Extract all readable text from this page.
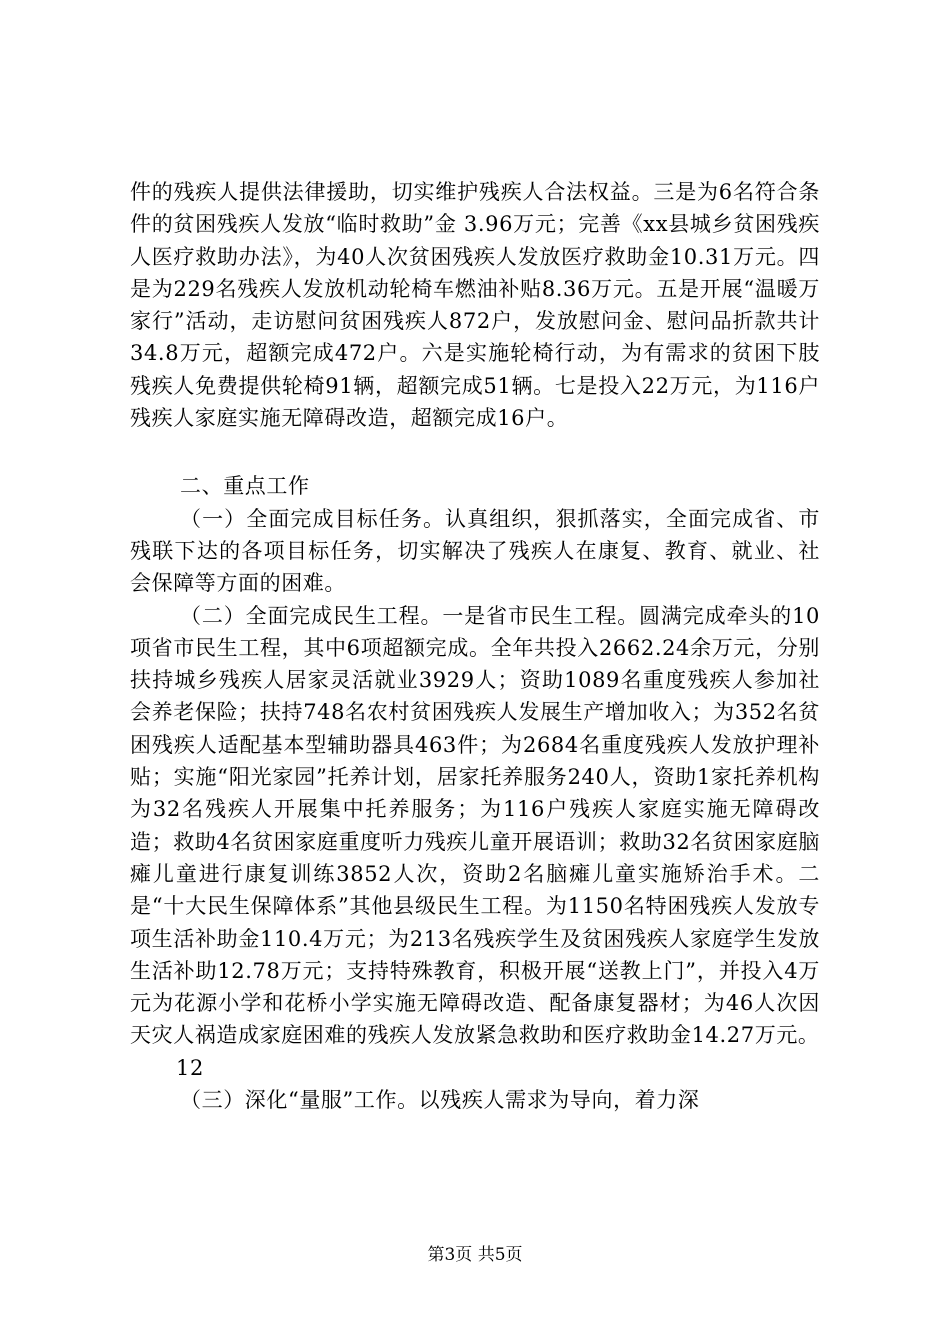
件的残疾人提供法律援助，切实维护残疾人合法权益。三是为6名符合条件的贫困残疾人发放“临时救助”金 3.96万元；完善《xx县城乡贫困残疾人医疗救助办法》，为40人次贫困残疾人发放医疗救助金10.31万元。四是为229名残疾人发放机动轮椅车燃油补贴8.36万元。五是开展“温暖万家行”活动，走访慰问贫困残疾人872户，发放慰问金、慰问品折款共计34.8万元，超额完成472户。六是实施轮椅行动，为有需求的贫困下肢残疾人免费提供轮椅91辆，超额完成51辆。七是投入22万元，为116户残疾人家庭实施无障碍改造，超额完成16户。

二、重点工作

（一）全面完成目标任务。认真组织，狠抓落实，全面完成省、市残联下达的各项目标任务，切实解决了残疾人在康复、教育、就业、社会保障等方面的困难。

（二）全面完成民生工程。一是省市民生工程。圆满完成牵头的10项省市民生工程，其中6项超额完成。全年共投入2662.24余万元，分别扶持城乡残疾人居家灵活就业3929人；资助1089名重度残疾人参加社会养老保险；扶持748名农村贫困残疾人发展生产增加收入；为352名贫困残疾人适配基本型辅助器具463件；为2684名重度残疾人发放护理补贴；实施“阳光家园”托养计划，居家托养服务240人，资助1家托养机构为32名残疾人开展集中托养服务；为116户残疾人家庭实施无障碍改造；救助4名贫困家庭重度听力残疾儿童开展语训；救助32名贫困家庭脑瘫儿童进行康复训练3852人次，资助2名脑瘫儿童实施矫治手术。二是“十大民生保障体系”其他县级民生工程。为1150名特困残疾人发放专项生活补助金110.4万元；为213名残疾学生及贫困残疾人家庭学生发放生活补助12.78万元；支持特殊教育，积极开展“送教上门”，并投入4万元为花源小学和花桥小学实施无障碍改造、配备康复器材；为46人次因天灾人祸造成家庭困难的残疾人发放紧急救助和医疗救助金14.27万元。

12

（三）深化“量服”工作。以残疾人需求为导向，着力深

第3页 共5页
